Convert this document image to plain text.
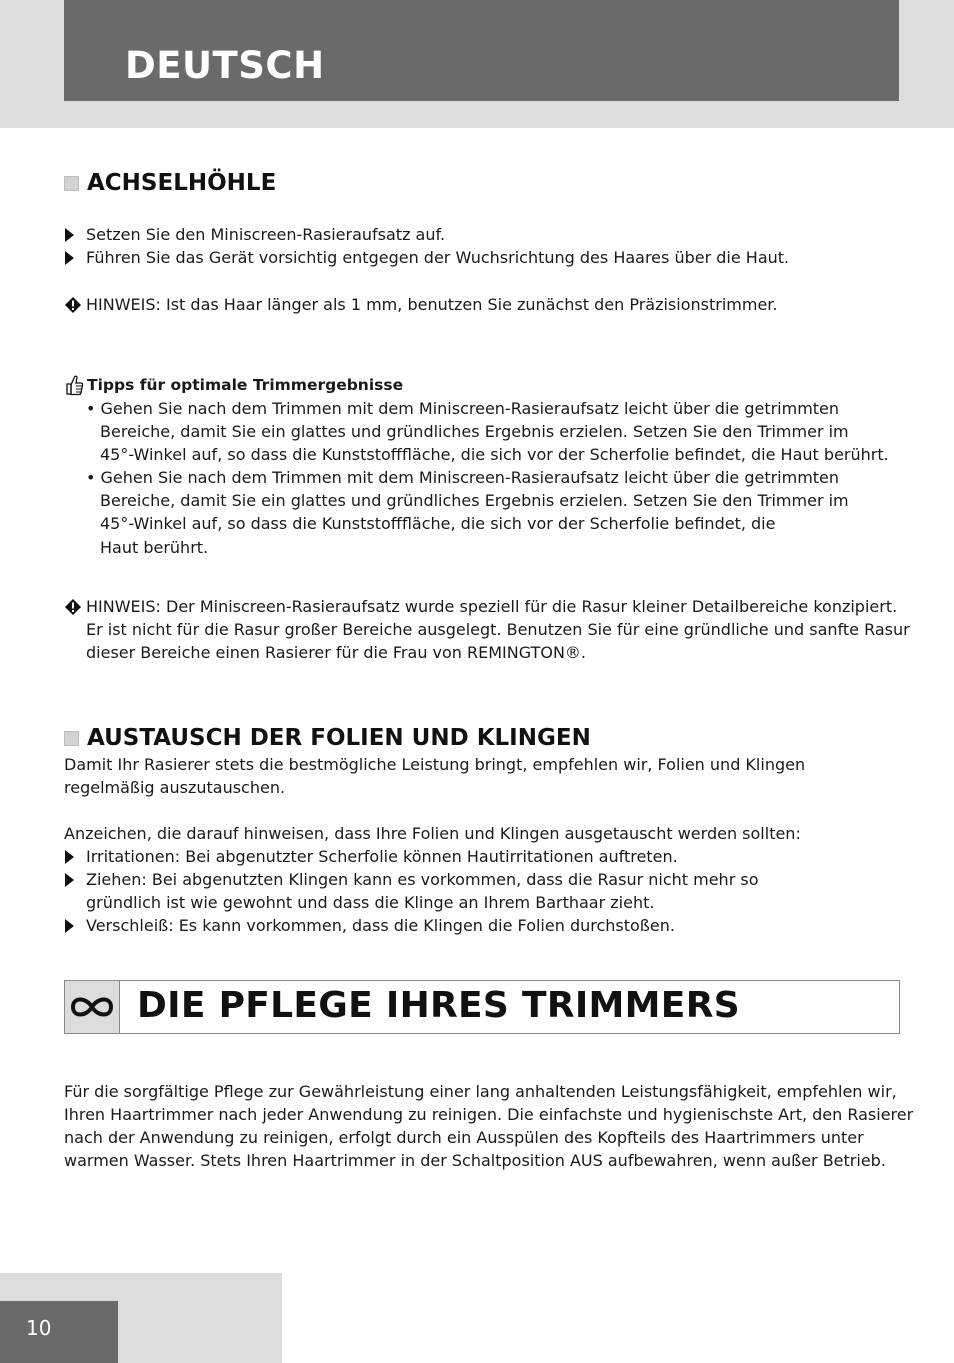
DEUTSCH
ACHSELHÖHLE
Setzen Sie den Miniscreen-Rasieraufsatz auf.
Führen Sie das Gerät vorsichtig entgegen der Wuchsrichtung des Haares über die Haut.
HINWEIS: Ist das Haar länger als 1 mm, benutzen Sie zunächst den Präzisionstrimmer.
Tipps für optimale Trimmergebnisse
• Gehen Sie nach dem Trimmen mit dem Miniscreen-Rasieraufsatz leicht über die getrimmten
Bereiche, damit Sie ein glattes und gründliches Ergebnis erzielen. Setzen Sie den Trimmer im
45°-Winkel auf, so dass die Kunststofffläche, die sich vor der Scherfolie befindet, die Haut berührt.
• Gehen Sie nach dem Trimmen mit dem Miniscreen-Rasieraufsatz leicht über die getrimmten
Bereiche, damit Sie ein glattes und gründliches Ergebnis erzielen. Setzen Sie den Trimmer im
45°-Winkel auf, so dass die Kunststofffläche, die sich vor der Scherfolie befindet, die
Haut berührt.
HINWEIS: Der Miniscreen-Rasieraufsatz wurde speziell für die Rasur kleiner Detailbereiche konzipiert.
Er ist nicht für die Rasur großer Bereiche ausgelegt. Benutzen Sie für eine gründliche und sanfte Rasur
dieser Bereiche einen Rasierer für die Frau von REMINGTON®.
AUSTAUSCH DER FOLIEN UND KLINGEN
Damit Ihr Rasierer stets die bestmögliche Leistung bringt, empfehlen wir, Folien und Klingen
regelmäßig auszutauschen.
Anzeichen, die darauf hinweisen, dass Ihre Folien und Klingen ausgetauscht werden sollten:
Irritationen: Bei abgenutzter Scherfolie können Hautirritationen auftreten.
Ziehen: Bei abgenutzten Klingen kann es vorkommen, dass die Rasur nicht mehr so
gründlich ist wie gewohnt und dass die Klinge an Ihrem Barthaar zieht.
Verschleiß: Es kann vorkommen, dass die Klingen die Folien durchstoßen.
Für die sorgfältige Pflege zur Gewährleistung einer lang anhaltenden Leistungsfähigkeit, empfehlen wir,
Ihren Haartrimmer nach jeder Anwendung zu reinigen. Die einfachste und hygienischste Art, den Rasierer
nach der Anwendung zu reinigen, erfolgt durch ein Ausspülen des Kopfteils des Haartrimmers unter
warmen Wasser. Stets Ihren Haartrimmer in der Schaltposition AUS aufbewahren, wenn außer Betrieb.
DIE PFLEGE IHRES TRIMMERS
10
